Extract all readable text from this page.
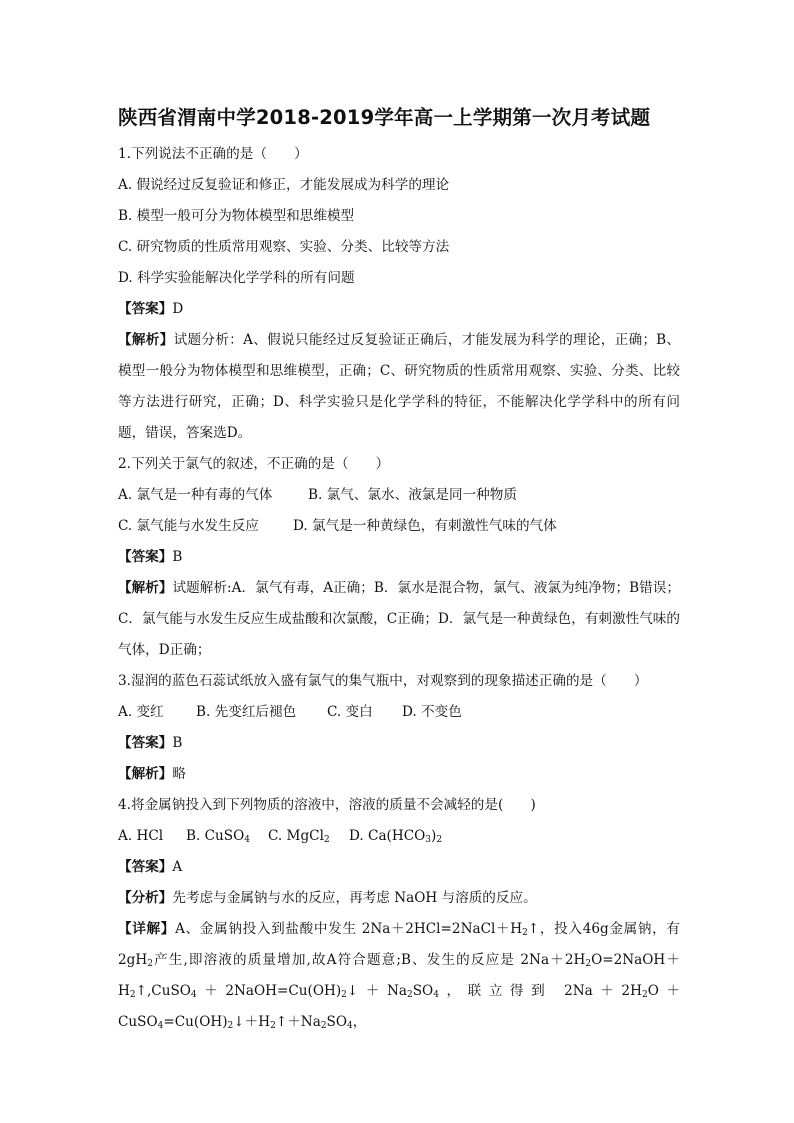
陕西省渭南中学2018-2019学年高一上学期第一次月考试题
1.下列说法不正确的是（　　）
A. 假说经过反复验证和修正，才能发展成为科学的理论
B. 模型一般可分为物体模型和思维模型
C. 研究物质的性质常用观察、实验、分类、比较等方法
D. 科学实验能解决化学学科的所有问题
【答案】D
【解析】试题分析：A、假说只能经过反复验证正确后，才能发展为科学的理论，正确；B、模型一般分为物体模型和思维模型，正确；C、研究物质的性质常用观察、实验、分类、比较等方法进行研究，正确；D、科学实验只是化学学科的特征，不能解决化学学科中的所有问题，错误，答案选D。
2.下列关于氯气的叙述，不正确的是（　　）
A. 氯气是一种有毒的气体	B. 氯气、氯水、液氯是同一种物质
C. 氯气能与水发生反应	D. 氯气是一种黄绿色，有刺激性气味的气体
【答案】B
【解析】试题解析:A．氯气有毒，A正确；B．氯水是混合物，氯气、液氯为纯净物；B错误；C．氯气能与水发生反应生成盐酸和次氯酸，C正确；D．氯气是一种黄绿色，有刺激性气味的气体，D正确；
3.湿润的蓝色石蕊试纸放入盛有氯气的集气瓶中，对观察到的现象描述正确的是（　　）
A. 变红 B. 先变红后褪色 C. 变白 D. 不变色
【答案】B
【解析】略
4.将金属钠投入到下列物质的溶液中，溶液的质量不会减轻的是(　　)
A. HCl B. CuSO$_4$ C. MgCl$_2$ D. $Ca(HCO_3)_2$
【答案】A
【分析】先考虑与金属钠与水的反应，再考虑 NaOH 与溶质的反应。
【详解】A、金属钠投入到盐酸中发生 $2Na+2HCl=2NaCl+H_2↑$，投入46g金属钠，有 $2gH_2$产生,即溶液的质量增加,故A符合题意;B、发生的反应是 $2Na+2H_2O=2NaOH+H_2↑,CuSO_4+2NaOH=Cu(OH)_2↓+Na_2SO_4$，联立得到 $2Na+2H_2O+CuSO_4=Cu(OH)_2↓+H_2↑+Na_2SO_4$，
